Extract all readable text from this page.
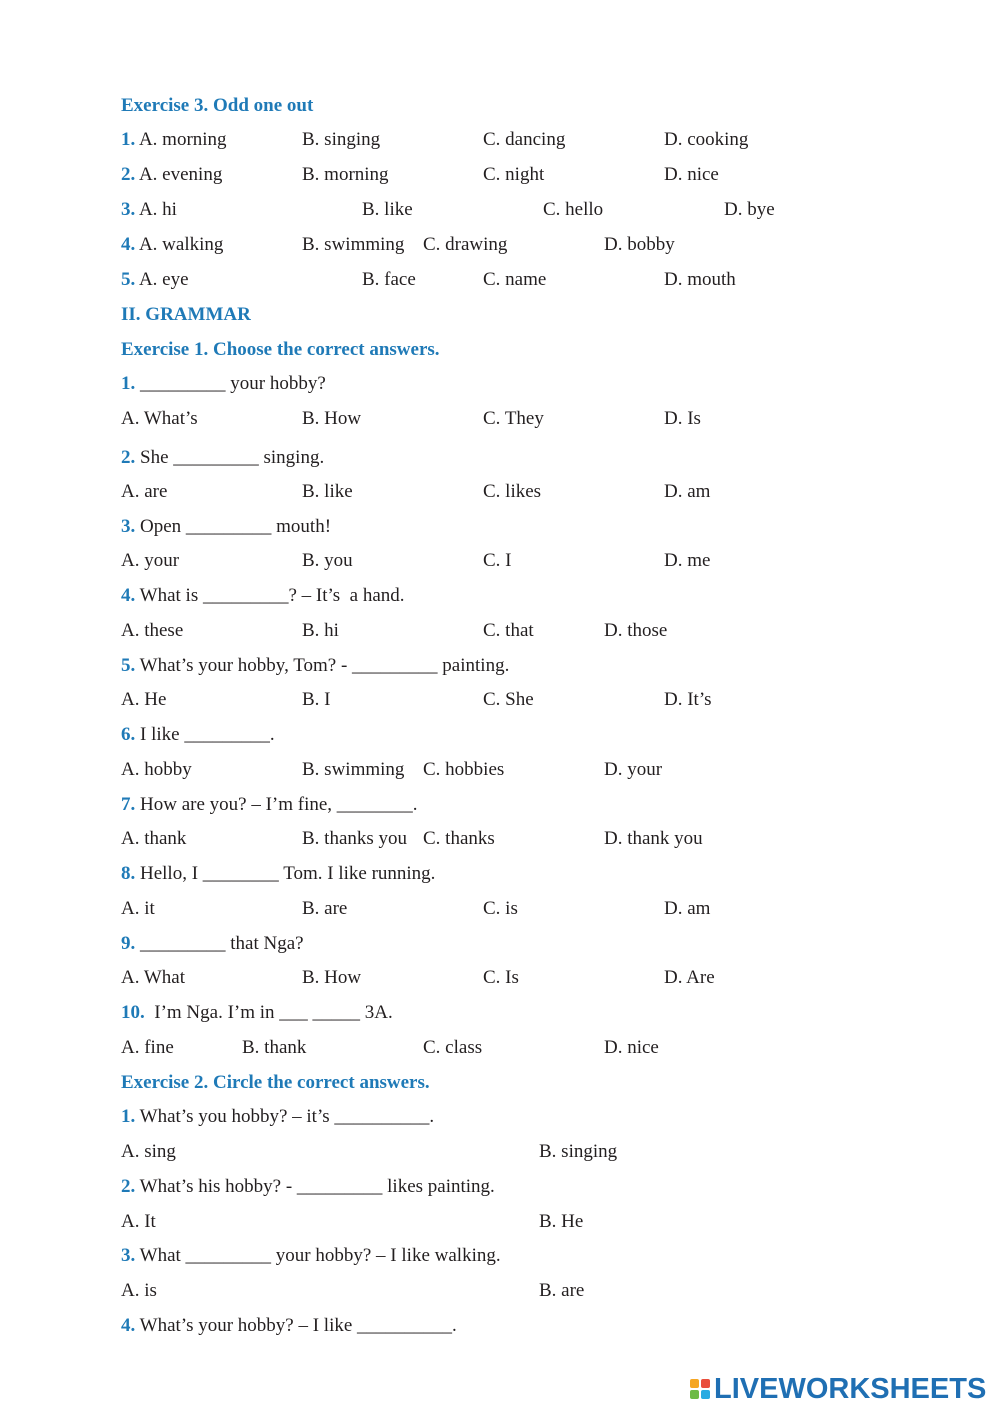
Exercise 3. Odd one out
1. A. morning	B. singing	C. dancing	D. cooking
2. A. evening	B. morning	C. night	D. nice
3. A. hi	B. like	C. hello	D. bye
4. A. walking	B. swimming C. drawing	D. bobby
5. A. eye	B. face	C. name	D. mouth
II. GRAMMAR
Exercise 1. Choose the correct answers.
1. _________ your hobby?
A. What’s	B. How	C. They	D. Is
2. She _________ singing.
A. are	B. like	C. likes	D. am
3. Open _________ mouth!
A. your	B. you	C. I	D. me
4. What is _________? – It’s  a hand.
A. these	B. hi	C. that	D. those
5. What’s your hobby, Tom? - _________ painting.
A. He	B. I	C. She	D. It’s
6. I like _________.
A. hobby	B. swimming C. hobbies	D. your
7. How are you? – I’m fine, ________.
A. thank	B. thanks you C. thanks	D. thank you
8. Hello, I ________ Tom. I like running.
A. it	B. are	C. is	D. am
9. _________ that Nga?
A. What	B. How	C. Is	D. Are
10.  I’m Nga. I’m in ___ _____ 3A.
A. fine	B. thank	C. class	D. nice
Exercise 2. Circle the correct answers.
1. What’s you hobby? – it’s __________.
A. sing	B. singing
2. What’s his hobby? - _________ likes painting.
A. It	B. He
3. What _________ your hobby? – I like walking.
A. is	B. are
4. What’s your hobby? – I like __________.
LIVEWORKSHEETS
